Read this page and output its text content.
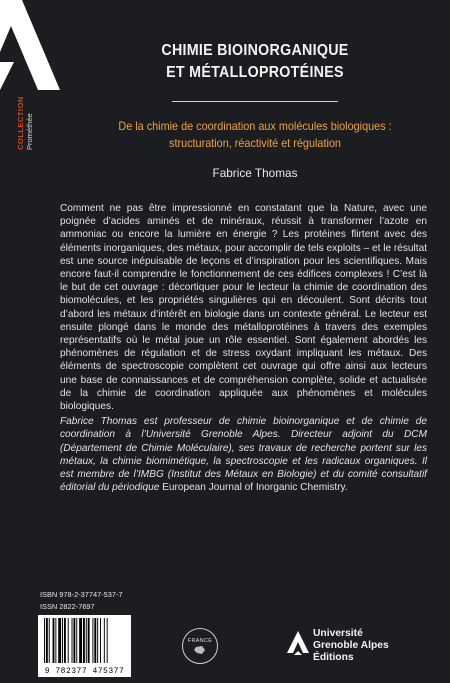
COLLECTION Prométhée
CHIMIE BIOINORGANIQUE
ET MÉTALLOPROTÉINES
De la chimie de coordination aux molécules biologiques :
structuration, réactivité et régulation
Fabrice Thomas

Comment ne pas être impressionné en constatant que la Nature, avec une poignée d’acides aminés et de minéraux, réussit à transformer l’azote en ammoniac ou encore la lumière en énergie ? Les protéines flirtent avec des éléments inorganiques, des métaux, pour accomplir de tels exploits – et le résultat est une source inépuisable de leçons et d’inspiration pour les scientifiques. Mais encore faut-il comprendre le fonctionnement de ces édifices complexes ! C’est là le but de cet ouvrage : décortiquer pour le lecteur la chimie de coordination des biomolécules, et les propriétés singulières qui en découlent. Sont décrits tout d’abord les métaux d’intérêt en biologie dans un contexte général. Le lecteur est ensuite plongé dans le monde des métalloprotéines à travers des exemples représentatifs où le métal joue un rôle essentiel. Sont également abordés les phénomènes de régulation et de stress oxydant impliquant les métaux. Des éléments de spectroscopie complètent cet ouvrage qui offre ainsi aux lecteurs une base de connaissances et de compréhension complète, solide et actualisée de la chimie de coordination appliquée aux phénomènes et molécules biologiques.

Fabrice Thomas est professeur de chimie bioinorganique et de chimie de coordination à l’Université Grenoble Alpes. Directeur adjoint du DCM (Département de Chimie Moléculaire), ses travaux de recherche portent sur les métaux, la chimie biomimétique, la spectroscopie et les radicaux organiques. Il est membre de l’IMBG (Institut des Métaux en Biologie) et du comité consultatif éditorial du périodique European Journal of Inorganic Chemistry.

ISBN 978-2-37747-537-7
ISSN 2822-7697
9 782377 475377
FRANCE
Université
Grenoble Alpes
Éditions
